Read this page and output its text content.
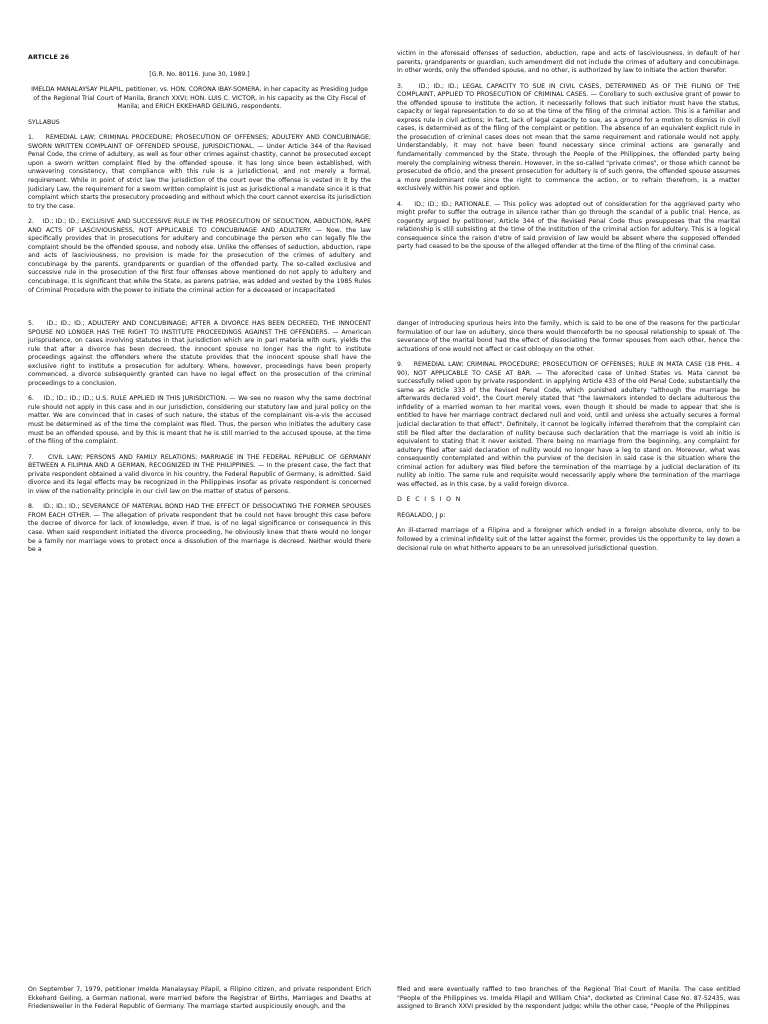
ARTICLE 26

[G.R. No. 80116. June 30, 1989.]

IMELDA MANALAYSAY PILAPIL, petitioner, vs. HON. CORONA IBAY-SOMERA, in her capacity as Presiding Judge of the Regional Trial Court of Manila, Branch XXVI; HON. LUIS C. VICTOR, in his capacity as the City Fiscal of Manila; and ERICH EKKEHARD GEILING, respondents.

SYLLABUS

1.    REMEDIAL LAW; CRIMINAL PROCEDURE; PROSECUTION OF OFFENSES; ADULTERY AND CONCUBINAGE; SWORN WRITTEN COMPLAINT OF OFFENDED SPOUSE, JURISDICTIONAL. — Under Article 344 of the Revised Penal Code, the crime of adultery, as well as four other crimes against chastity, cannot be prosecuted except upon a sworn written complaint filed by the offended spouse. It has long since been established, with unwavering consistency, that compliance with this rule is a jurisdictional, and not merely a formal, requirement. While in point of strict law the jurisdiction of the court over the offense is vested in it by the Judiciary Law, the requirement for a sworn written complaint is just as jurisdictional a mandate since it is that complaint which starts the prosecutory proceeding and without which the court cannot exercise its jurisdiction to try the case.

2.    ID.; ID.; ID.; EXCLUSIVE AND SUCCESSIVE RULE IN THE PROSECUTION OF SEDUCTION, ABDUCTION, RAPE AND ACTS OF LASCIVIOUSNESS, NOT APPLICABLE TO CONCUBINAGE AND ADULTERY. — Now, the law specifically provides that in prosecutions for adultery and concubinage the person who can legally file the complaint should be the offended spouse, and nobody else. Unlike the offenses of seduction, abduction, rape and acts of lasciviousness, no provision is made for the prosecution of the crimes of adultery and concubinage by the parents, grandparents or guardian of the offended party. The so-called exclusive and successive rule in the prosecution of the first four offenses above mentioned do not apply to adultery and concubinage. It is significant that while the State, as parens patriae, was added and vested by the 1985 Rules of Criminal Procedure with the power to initiate the criminal action for a deceased or incapacitated

victim in the aforesaid offenses of seduction, abduction, rape and acts of lasciviousness, in default of her parents, grandparents or guardian, such amendment did not include the crimes of adultery and concubinage. In other words, only the offended spouse, and no other, is authorized by law to initiate the action therefor.

3.    ID.; ID.; ID.; LEGAL CAPACITY TO SUE IN CIVIL CASES, DETERMINED AS OF THE FILING OF THE COMPLAINT, APPLIED TO PROSECUTION OF CRIMINAL CASES. — Corollary to such exclusive grant of power to the offended spouse to institute the action, it necessarily follows that such initiator must have the status, capacity or legal representation to do so at the time of the filing of the criminal action. This is a familiar and express rule in civil actions; in fact, lack of legal capacity to sue, as a ground for a motion to dismiss in civil cases, is determined as of the filing of the complaint or petition. The absence of an equivalent explicit rule in the prosecution of criminal cases does not mean that the same requirement and rationale would not apply. Understandably, it may not have been found necessary since criminal actions are generally and fundamentally commenced by the State, through the People of the Philippines, the offended party being merely the complaining witness therein. However, in the so-called "private crimes", or those which cannot be prosecuted de oficio, and the present prosecution for adultery is of such genre, the offended spouse assumes a more predominant role since the right to commence the action, or to refrain therefrom, is a matter exclusively within his power and option.

4.    ID.; ID.; ID.; RATIONALE. — This policy was adopted out of consideration for the aggrieved party who might prefer to suffer the outrage in silence rather than go through the scandal of a public trial. Hence, as cogently argued by petitioner, Article 344 of the Revised Penal Code thus presupposes that the marital relationship is still subsisting at the time of the institution of the criminal action for adultery. This is a logical consequence since the raison d'etre of said provision of law would be absent where the supposed offended party had ceased to be the spouse of the alleged offender at the time of the filing of the criminal case.

5.    ID.; ID.; ID.; ADULTERY AND CONCUBINAGE; AFTER A DIVORCE HAS BEEN DECREED, THE INNOCENT SPOUSE NO LONGER HAS THE RIGHT TO INSTITUTE PROCEEDINGS AGAINST THE OFFENDERS. — American jurisprudence, on cases involving statutes in that jurisdiction which are in pari materia with ours, yields the rule that after a divorce has been decreed, the innocent spouse no longer has the right to institute proceedings against the offenders where the statute provides that the innocent spouse shall have the exclusive right to institute a prosecution for adultery. Where, however, proceedings have been properly commenced, a divorce subsequently granted can have no legal effect on the prosecution of the criminal proceedings to a conclusion.

6.    ID.; ID.; ID.; ID.; U.S. RULE APPLIED IN THIS JURISDICTION. — We see no reason why the same doctrinal rule should not apply in this case and in our jurisdiction, considering our statutory law and jural policy on the matter. We are convinced that in cases of such nature, the status of the complainant vis-a-vis the accused must be determined as of the time the complaint was filed. Thus, the person who initiates the adultery case must be an offended spouse, and by this is meant that he is still married to the accused spouse, at the time of the filing of the complaint.

7.    CIVIL LAW; PERSONS AND FAMILY RELATIONS; MARRIAGE IN THE FEDERAL REPUBLIC OF GERMANY BETWEEN A FILIPINA AND A GERMAN, RECOGNIZED IN THE PHILIPPINES. — In the present case, the fact that private respondent obtained a valid divorce in his country, the Federal Republic of Germany, is admitted. Said divorce and its legal effects may be recognized in the Philippines insofar as private respondent is concerned in view of the nationality principle in our civil law on the matter of status of persons.

8.    ID.; ID.; ID.; SEVERANCE OF MATERIAL BOND HAD THE EFFECT OF DISSOCIATING THE FORMER SPOUSES FROM EACH OTHER. — The allegation of private respondent that he could not have brought this case before the decree of divorce for lack of knowledge, even if true, is of no legal significance or consequence in this case. When said respondent initiated the divorce proceeding, he obviously knew that there would no longer be a family nor marriage vows to protect once a dissolution of the marriage is decreed. Neither would there be a

danger of introducing spurious heirs into the family, which is said to be one of the reasons for the particular formulation of our law on adultery, since there would thenceforth be no spousal relationship to speak of. The severance of the marital bond had the effect of dissociating the former spouses from each other, hence the actuations of one would not affect or cast obloquy on the other.

9.    REMEDIAL LAW; CRIMINAL PROCEDURE; PROSECUTION OF OFFENSES; RULE IN MATA CASE (18 PHIL. 4 90), NOT APPLICABLE TO CASE AT BAR. — The aforecited case of United States vs. Mata cannot be successfully relied upon by private respondent. In applying Article 433 of the old Penal Code, substantially the same as Article 333 of the Revised Penal Code, which punished adultery "although the marriage be afterwards declared void", the Court merely stated that "the lawmakers intended to declare adulterous the infidelity of a married woman to her marital vows, even though it should be made to appear that she is entitled to have her marriage contract declared null and void, until and unless she actually secures a formal judicial declaration to that effect". Definitely, it cannot be logically inferred therefrom that the complaint can still be filed after the declaration of nullity because such declaration that the marriage is void ab initio is equivalent to stating that it never existed. There being no marriage from the beginning, any complaint for adultery filed after said declaration of nullity would no longer have a leg to stand on. Moreover, what was consequently contemplated and within the purview of the decision in said case is the situation where the criminal action for adultery was filed before the termination of the marriage by a judicial declaration of its nullity ab initio. The same rule and requisite would necessarily apply where the termination of the marriage was effected, as in this case, by a valid foreign divorce.

D E C I S I O N

REGALADO, J p:

An ill-starred marriage of a Filipina and a foreigner which ended in a foreign absolute divorce, only to be followed by a criminal infidelity suit of the latter against the former, provides Us the opportunity to lay down a decisional rule on what hitherto appears to be an unresolved jurisdictional question.

On September 7, 1979, petitioner Imelda Manalaysay Pilapil, a Filipino citizen, and private respondent Erich Ekkehard Geiling, a German national, were married before the Registrar of Births, Marriages and Deaths at Friedensweiler in the Federal Republic of Germany. The marriage started auspiciously enough, and the

filed and were eventually raffled to two branches of the Regional Trial Court of Manila. The case entitled "People of the Philippines vs. Imelda Pilapil and William Chia", docketed as Criminal Case No. 87-52435, was assigned to Branch XXVI presided by the respondent judge; while the other case, "People of the Philippines
